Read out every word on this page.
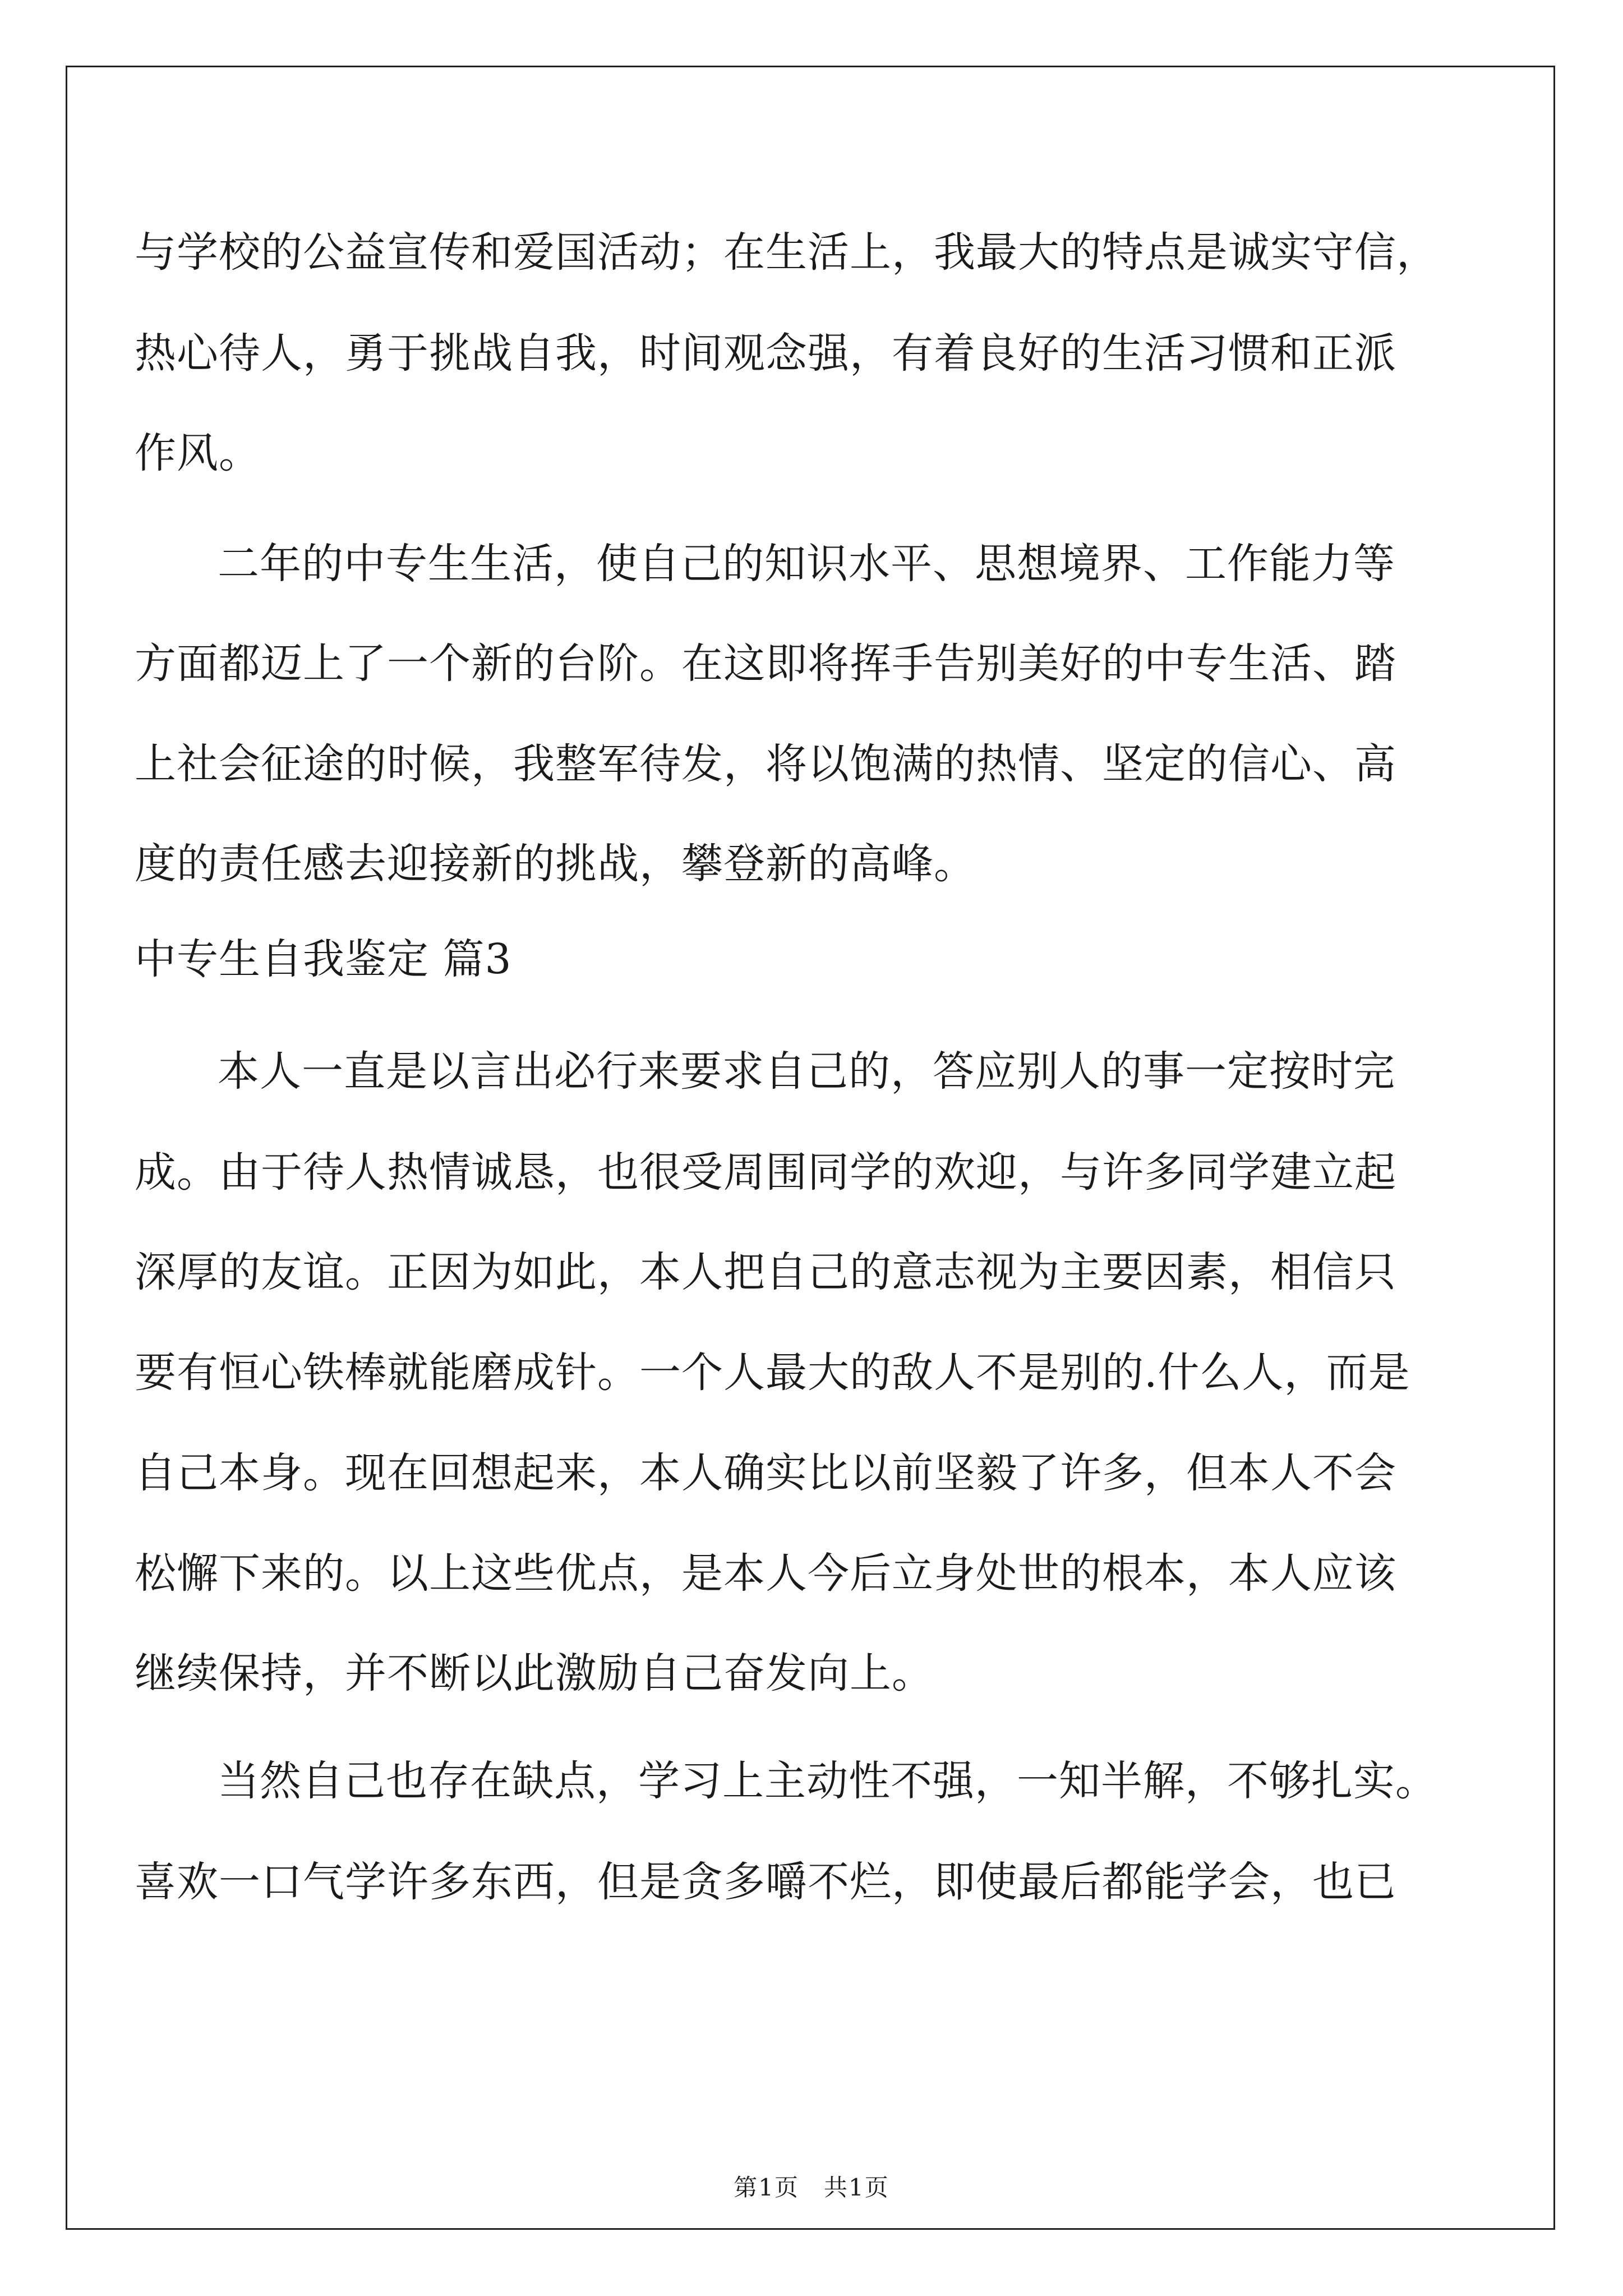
与学校的公益宣传和爱国活动；在生活上，我最大的特点是诚实守信，
热心待人，勇于挑战自我，时间观念强，有着良好的生活习惯和正派
作风。
二年的中专生生活，使自己的知识水平、思想境界、工作能力等
方面都迈上了一个新的台阶。在这即将挥手告别美好的中专生活、踏
上社会征途的时候，我整军待发，将以饱满的热情、坚定的信心、高
度的责任感去迎接新的挑战，攀登新的高峰。
中专生自我鉴定 篇3
本人一直是以言出必行来要求自己的，答应别人的事一定按时完
成。由于待人热情诚恳，也很受周围同学的欢迎，与许多同学建立起
深厚的友谊。正因为如此，本人把自己的意志视为主要因素，相信只
要有恒心铁棒就能磨成针。一个人最大的敌人不是别的.什么人，而是
自己本身。现在回想起来，本人确实比以前坚毅了许多，但本人不会
松懈下来的。以上这些优点，是本人今后立身处世的根本，本人应该
继续保持，并不断以此激励自己奋发向上。
当然自己也存在缺点，学习上主动性不强，一知半解，不够扎实。
喜欢一口气学许多东西，但是贪多嚼不烂，即使最后都能学会，也已
第1页　共1页
